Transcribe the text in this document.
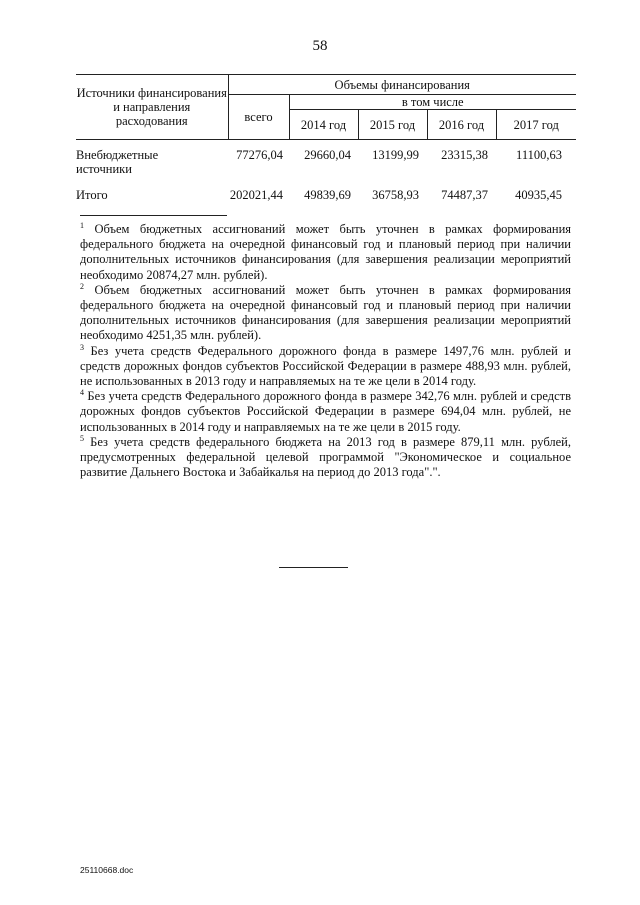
58
Источники финансирования и направления расходования	Объемы финансирования				
	всего	в том числе			
		2014 год	2015 год	2016 год	2017 год

Внебюджетные источники	77276,04	29660,04	13199,99	23315,38	11100,63
Итого	202021,44	49839,69	36758,93	74487,37	40935,45
$^1$ Объем бюджетных ассигнований может быть уточнен в рамках формирования федерального бюджета на очередной финансовый год и плановый период при наличии дополнительных источников финансирования (для завершения реализации мероприятий необходимо 20874,27 млн. рублей).
$^2$ Объем бюджетных ассигнований может быть уточнен в рамках формирования федерального бюджета на очередной финансовый год и плановый период при наличии дополнительных источников финансирования (для завершения реализации мероприятий необходимо 4251,35 млн. рублей).
$^3$ Без учета средств Федерального дорожного фонда в размере 1497,76 млн. рублей и средств дорожных фондов субъектов Российской Федерации в размере 488,93 млн. рублей, не использованных в 2013 году и направляемых на те же цели в 2014 году.
$^4$ Без учета средств Федерального дорожного фонда в размере 342,76 млн. рублей и средств дорожных фондов субъектов Российской Федерации в размере 694,04 млн. рублей, не использованных в 2014 году и направляемых на те же цели в 2015 году.
$^5$ Без учета средств федерального бюджета на 2013 год в размере 879,11 млн. рублей, предусмотренных федеральной целевой программой "Экономическое и социальное развитие Дальнего Востока и Забайкалья на период до 2013 года".".
25110668.doc
